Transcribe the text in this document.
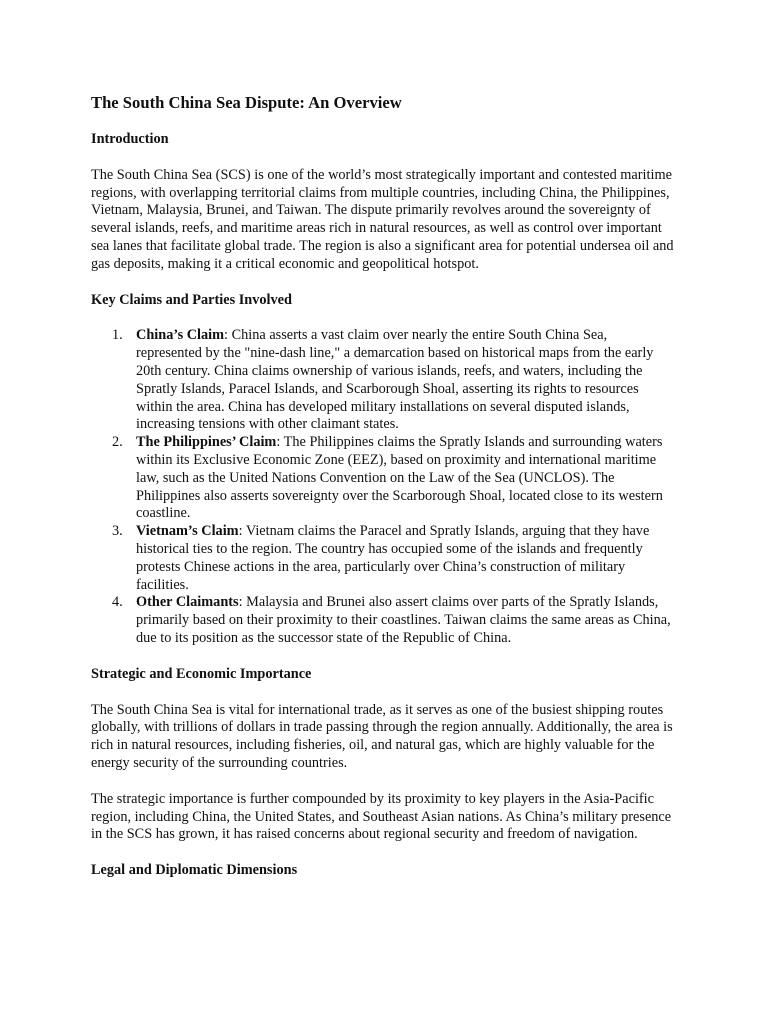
The South China Sea Dispute: An Overview
Introduction
The South China Sea (SCS) is one of the world’s most strategically important and contested maritime regions, with overlapping territorial claims from multiple countries, including China, the Philippines, Vietnam, Malaysia, Brunei, and Taiwan. The dispute primarily revolves around the sovereignty of several islands, reefs, and maritime areas rich in natural resources, as well as control over important sea lanes that facilitate global trade. The region is also a significant area for potential undersea oil and gas deposits, making it a critical economic and geopolitical hotspot.
Key Claims and Parties Involved
1. China’s Claim: China asserts a vast claim over nearly the entire South China Sea, represented by the "nine-dash line," a demarcation based on historical maps from the early 20th century. China claims ownership of various islands, reefs, and waters, including the Spratly Islands, Paracel Islands, and Scarborough Shoal, asserting its rights to resources within the area. China has developed military installations on several disputed islands, increasing tensions with other claimant states.
2. The Philippines’ Claim: The Philippines claims the Spratly Islands and surrounding waters within its Exclusive Economic Zone (EEZ), based on proximity and international maritime law, such as the United Nations Convention on the Law of the Sea (UNCLOS). The Philippines also asserts sovereignty over the Scarborough Shoal, located close to its western coastline.
3. Vietnam’s Claim: Vietnam claims the Paracel and Spratly Islands, arguing that they have historical ties to the region. The country has occupied some of the islands and frequently protests Chinese actions in the area, particularly over China’s construction of military facilities.
4. Other Claimants: Malaysia and Brunei also assert claims over parts of the Spratly Islands, primarily based on their proximity to their coastlines. Taiwan claims the same areas as China, due to its position as the successor state of the Republic of China.
Strategic and Economic Importance
The South China Sea is vital for international trade, as it serves as one of the busiest shipping routes globally, with trillions of dollars in trade passing through the region annually. Additionally, the area is rich in natural resources, including fisheries, oil, and natural gas, which are highly valuable for the energy security of the surrounding countries.
The strategic importance is further compounded by its proximity to key players in the Asia-Pacific region, including China, the United States, and Southeast Asian nations. As China’s military presence in the SCS has grown, it has raised concerns about regional security and freedom of navigation.
Legal and Diplomatic Dimensions
